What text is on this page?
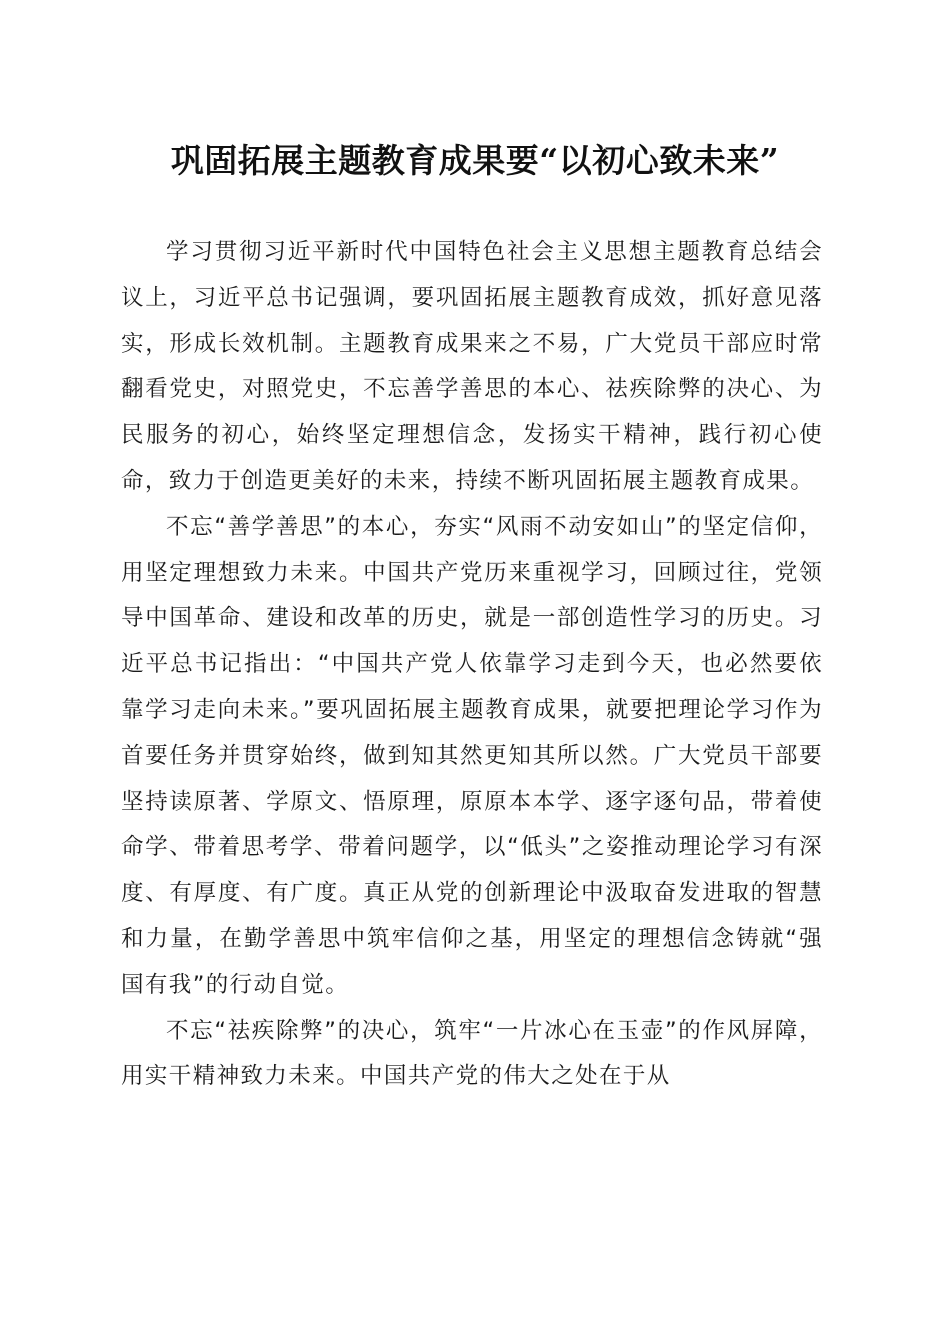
巩固拓展主题教育成果要“以初心致未来”

学习贯彻习近平新时代中国特色社会主义思想主题教育总结会议上，习近平总书记强调，要巩固拓展主题教育成效，抓好意见落实，形成长效机制。主题教育成果来之不易，广大党员干部应时常翻看党史，对照党史，不忘善学善思的本心、祛疾除弊的决心、为民服务的初心，始终坚定理想信念，发扬实干精神，践行初心使命，致力于创造更美好的未来，持续不断巩固拓展主题教育成果。

不忘“善学善思”的本心，夯实“风雨不动安如山”的坚定信仰，用坚定理想致力未来。中国共产党历来重视学习，回顾过往，党领导中国革命、建设和改革的历史，就是一部创造性学习的历史。习近平总书记指出：“中国共产党人依靠学习走到今天，也必然要依靠学习走向未来。”要巩固拓展主题教育成果，就要把理论学习作为首要任务并贯穿始终，做到知其然更知其所以然。广大党员干部要坚持读原著、学原文、悟原理，原原本本学、逐字逐句品，带着使命学、带着思考学、带着问题学，以“低头”之姿推动理论学习有深度、有厚度、有广度。真正从党的创新理论中汲取奋发进取的智慧和力量，在勤学善思中筑牢信仰之基，用坚定的理想信念铸就“强国有我”的行动自觉。

不忘“祛疾除弊”的决心，筑牢“一片冰心在玉壶”的作风屏障，用实干精神致力未来。中国共产党的伟大之处在于从
